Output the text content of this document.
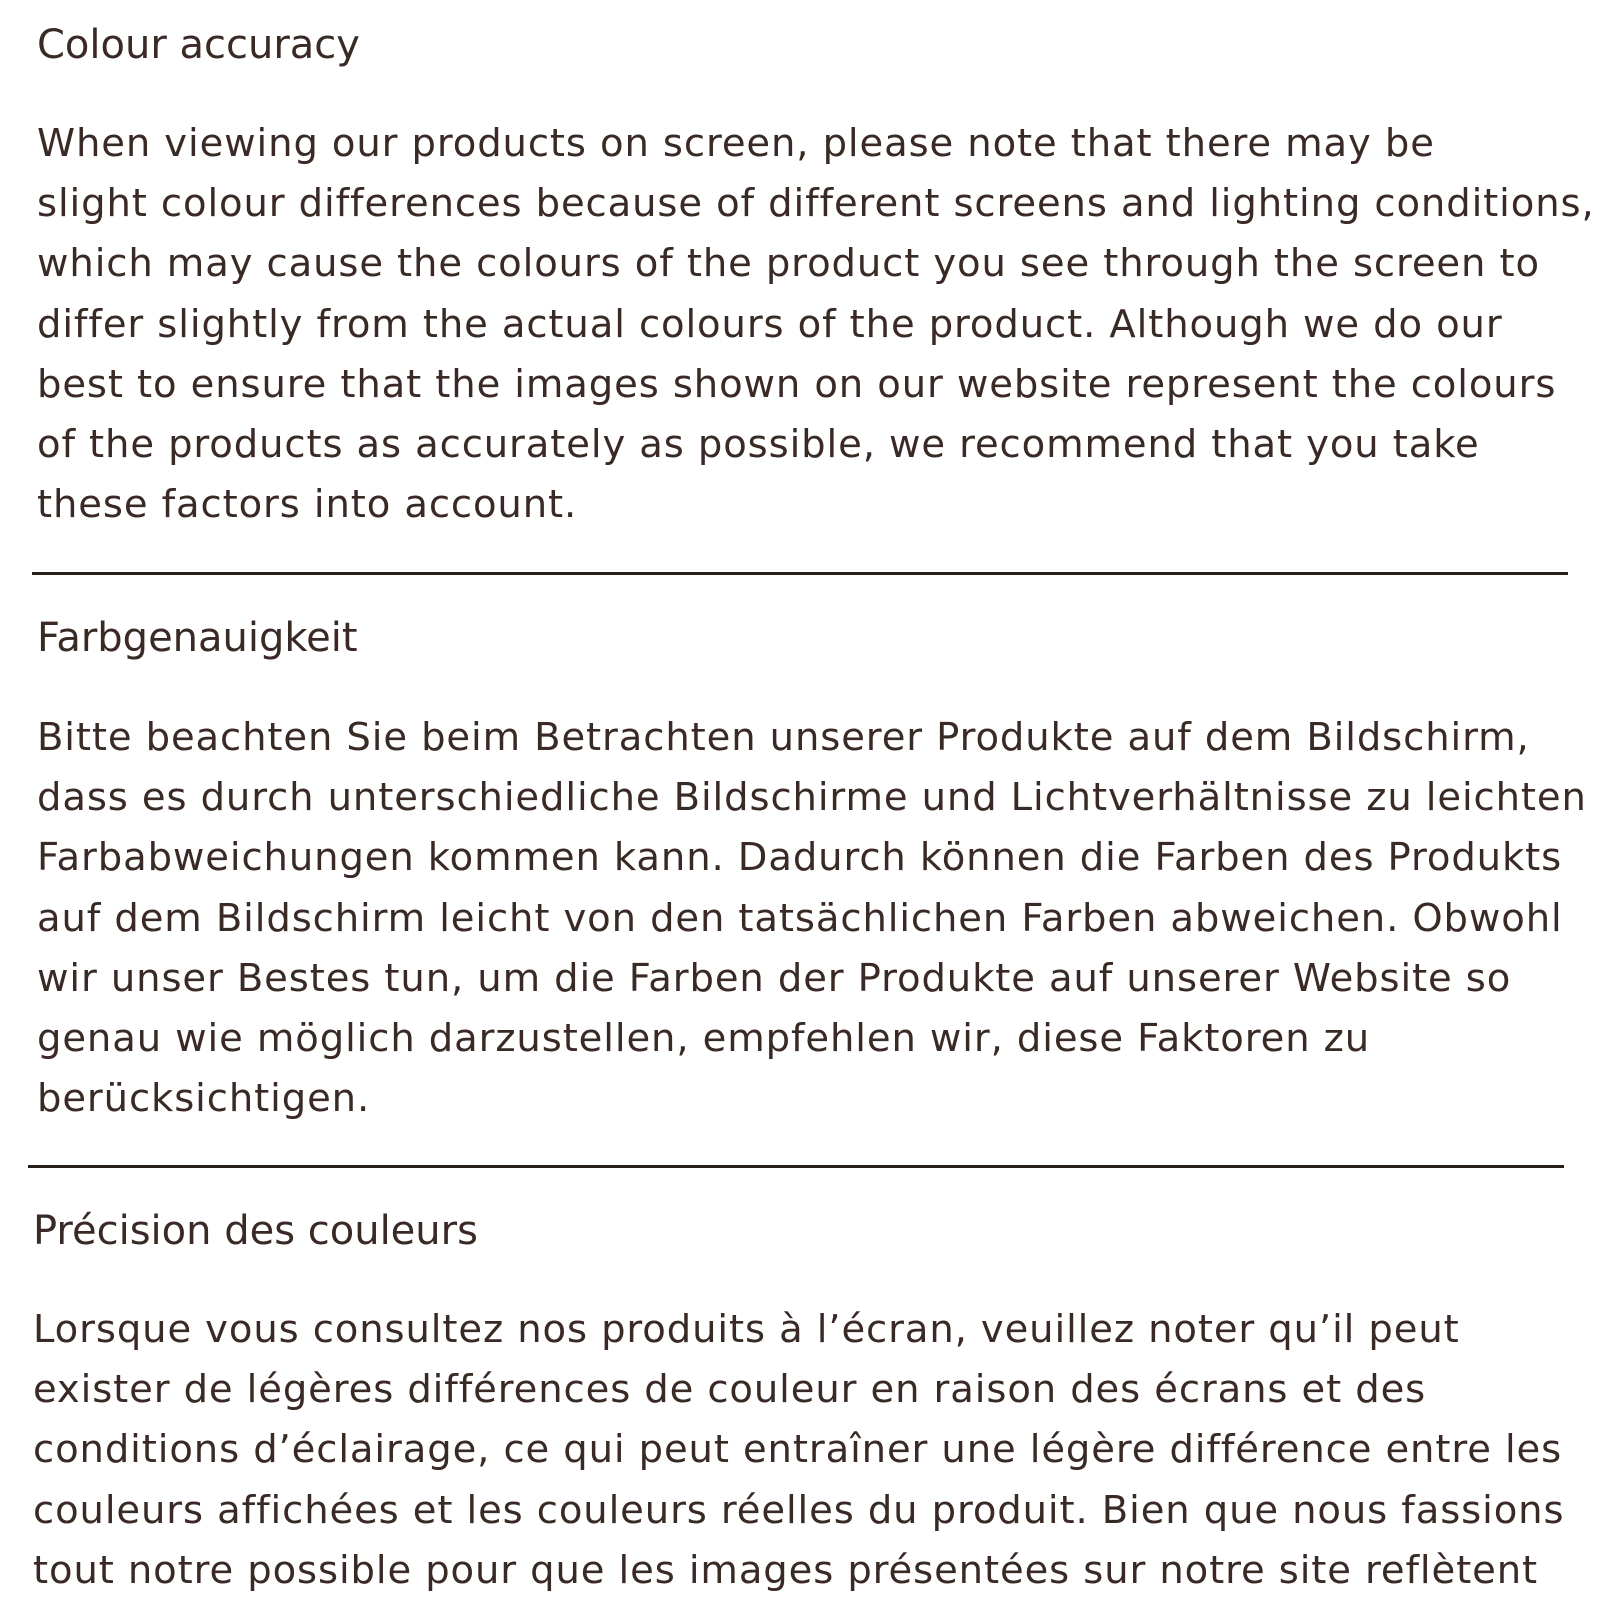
Colour accuracy

When viewing our products on screen, please note that there may be
slight colour differences because of different screens and lighting conditions,
which may cause the colours of the product you see through the screen to
differ slightly from the actual colours of the product. Although we do our
best to ensure that the images shown on our website represent the colours
of the products as accurately as possible, we recommend that you take
these factors into account.

Farbgenauigkeit

Bitte beachten Sie beim Betrachten unserer Produkte auf dem Bildschirm,
dass es durch unterschiedliche Bildschirme und Lichtverhältnisse zu leichten
Farbabweichungen kommen kann. Dadurch können die Farben des Produkts
auf dem Bildschirm leicht von den tatsächlichen Farben abweichen. Obwohl
wir unser Bestes tun, um die Farben der Produkte auf unserer Website so
genau wie möglich darzustellen, empfehlen wir, diese Faktoren zu
berücksichtigen.

Précision des couleurs

Lorsque vous consultez nos produits à l’écran, veuillez noter qu’il peut
exister de légères différences de couleur en raison des écrans et des
conditions d’éclairage, ce qui peut entraîner une légère différence entre les
couleurs affichées et les couleurs réelles du produit. Bien que nous fassions
tout notre possible pour que les images présentées sur notre site reflètent
